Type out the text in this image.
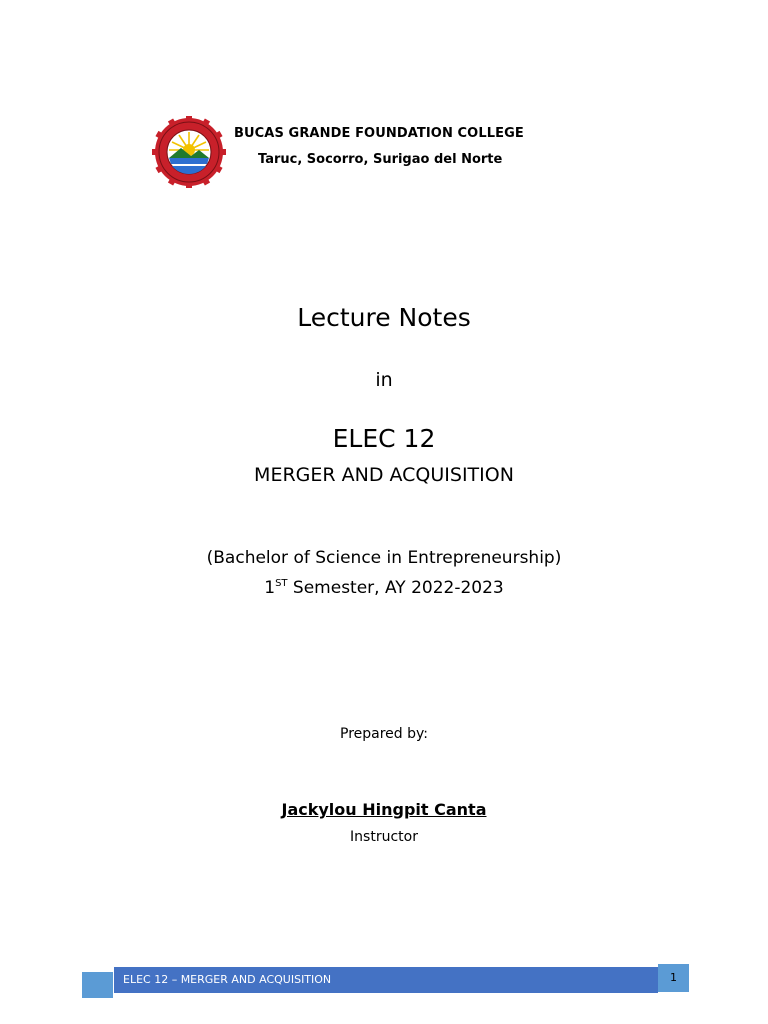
BUCAS GRANDE FOUNDATION COLLEGE
Taruc, Socorro, Surigao del Norte
Lecture Notes
in
ELEC 12
MERGER AND ACQUISITION
(Bachelor of Science in Entrepreneurship)
1ST Semester, AY 2022-2023
Prepared by:
Jackylou Hingpit Canta
Instructor
ELEC 12 – MERGER AND ACQUISITION	1
